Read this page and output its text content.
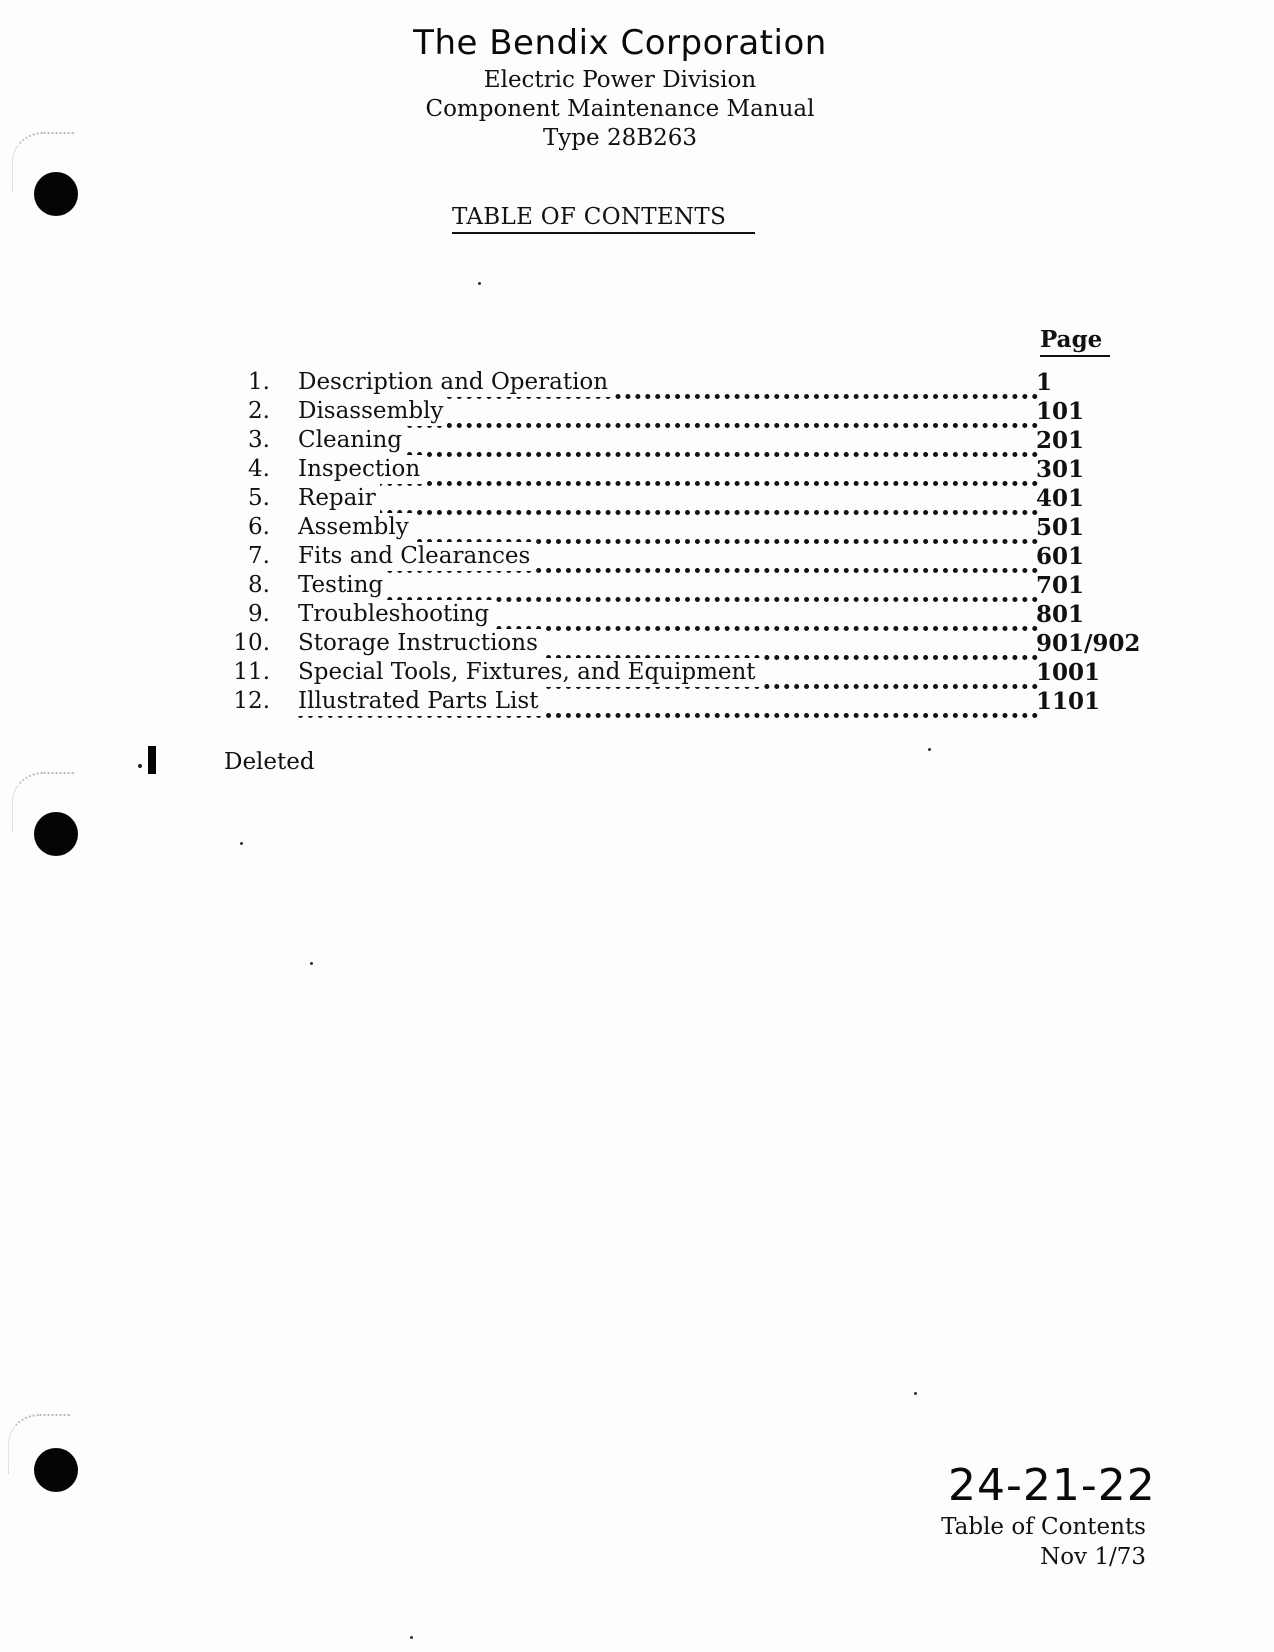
The Bendix Corporation
Electric Power Division
Component Maintenance Manual
Type 28B263
TABLE OF CONTENTS
Page
1. Description and Operation	1
2. Disassembly	101
3. Cleaning	201
4. Inspection	301
5. Repair	401
6. Assembly	501
7. Fits and Clearances	601
8. Testing	701
9. Troubleshooting	801
10. Storage Instructions	901/902
11. Special Tools, Fixtures, and Equipment	1001
12. Illustrated Parts List	1101
Deleted
24-21-22
Table of Contents
Nov 1/73
